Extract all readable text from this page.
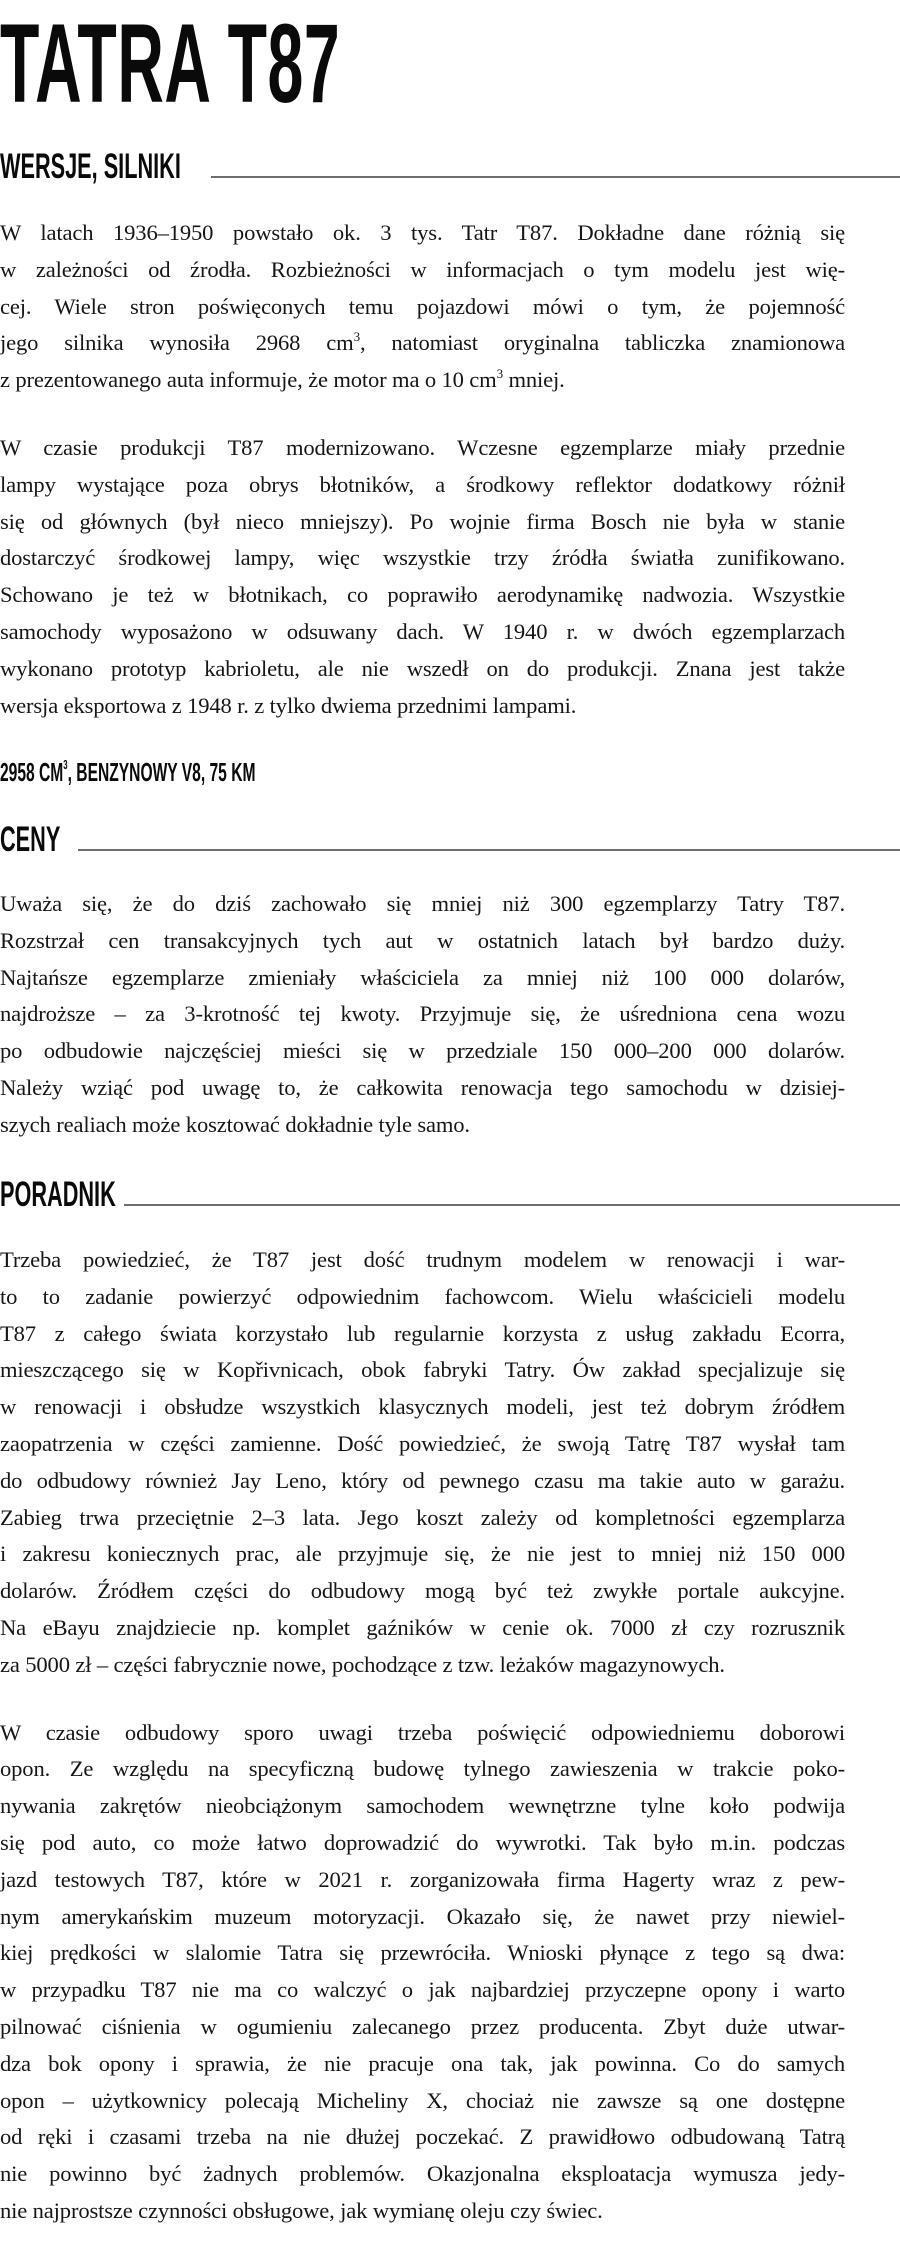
TATRA T87
WERSJE, SILNIKI

W latach 1936–1950 powstało ok. 3 tys. Tatr T87. Dokładne dane różnią się
w zależności od źrodła. Rozbieżności w informacjach o tym modelu jest wię-
cej. Wiele stron poświęconych temu pojazdowi mówi o tym, że pojemność
jego silnika wynosiła 2968 $cm^3$, natomiast oryginalna tabliczka znamionowa
z prezentowanego auta informuje, że motor ma o 10 $cm^3$ mniej.

W czasie produkcji T87 modernizowano. Wczesne egzemplarze miały przednie
lampy wystające poza obrys błotników, a środkowy reflektor dodatkowy różnił
się od głównych (był nieco mniejszy). Po wojnie firma Bosch nie była w stanie
dostarczyć środkowej lampy, więc wszystkie trzy źródła światła zunifikowano.
Schowano je też w błotnikach, co poprawiło aerodynamikę nadwozia. Wszystkie
samochody wyposażono w odsuwany dach. W 1940 r. w dwóch egzemplarzach
wykonano prototyp kabrioletu, ale nie wszedł on do produkcji. Znana jest także
wersja eksportowa z 1948 r. z tylko dwiema przednimi lampami.

2958 $CM^3$, BENZYNOWY V8, 75 KM
CENY

Uważa się, że do dziś zachowało się mniej niż 300 egzemplarzy Tatry T87.
Rozstrzał cen transakcyjnych tych aut w ostatnich latach był bardzo duży.
Najtańsze egzemplarze zmieniały właściciela za mniej niż 100 000 dolarów,
najdroższe – za 3-krotność tej kwoty. Przyjmuje się, że uśredniona cena wozu
po odbudowie najczęściej mieści się w przedziale 150 000–200 000 dolarów.
Należy wziąć pod uwagę to, że całkowita renowacja tego samochodu w dzisiej-
szych realiach może kosztować dokładnie tyle samo.

PORADNIK

Trzeba powiedzieć, że T87 jest dość trudnym modelem w renowacji i war-
to to zadanie powierzyć odpowiednim fachowcom. Wielu właścicieli modelu
T87 z całego świata korzystało lub regularnie korzysta z usług zakładu Ecorra,
mieszczącego się w Kopřivnicach, obok fabryki Tatry. Ów zakład specjalizuje się
w renowacji i obsłudze wszystkich klasycznych modeli, jest też dobrym źródłem
zaopatrzenia w części zamienne. Dość powiedzieć, że swoją Tatrę T87 wysłał tam
do odbudowy również Jay Leno, który od pewnego czasu ma takie auto w garażu.
Zabieg trwa przeciętnie 2–3 lata. Jego koszt zależy od kompletności egzemplarza
i zakresu koniecznych prac, ale przyjmuje się, że nie jest to mniej niż 150 000
dolarów. Źródłem części do odbudowy mogą być też zwykłe portale aukcyjne.
Na eBayu znajdziecie np. komplet gaźników w cenie ok. 7000 zł czy rozrusznik
za 5000 zł – części fabrycznie nowe, pochodzące z tzw. leżaków magazynowych.

W czasie odbudowy sporo uwagi trzeba poświęcić odpowiedniemu doborowi
opon. Ze względu na specyficzną budowę tylnego zawieszenia w trakcie poko-
nywania zakrętów nieobciążonym samochodem wewnętrzne tylne koło podwija
się pod auto, co może łatwo doprowadzić do wywrotki. Tak było m.in. podczas
jazd testowych T87, które w 2021 r. zorganizowała firma Hagerty wraz z pew-
nym amerykańskim muzeum motoryzacji. Okazało się, że nawet przy niewiel-
kiej prędkości w slalomie Tatra się przewróciła. Wnioski płynące z tego są dwa:
w przypadku T87 nie ma co walczyć o jak najbardziej przyczepne opony i warto
pilnować ciśnienia w ogumieniu zalecanego przez producenta. Zbyt duże utwar-
dza bok opony i sprawia, że nie pracuje ona tak, jak powinna. Co do samych
opon – użytkownicy polecają Micheliny X, chociaż nie zawsze są one dostępne
od ręki i czasami trzeba na nie dłużej poczekać. Z prawidłowo odbudowaną Tatrą
nie powinno być żadnych problemów. Okazjonalna eksploatacja wymusza jedy-
nie najprostsze czynności obsługowe, jak wymianę oleju czy świec.
